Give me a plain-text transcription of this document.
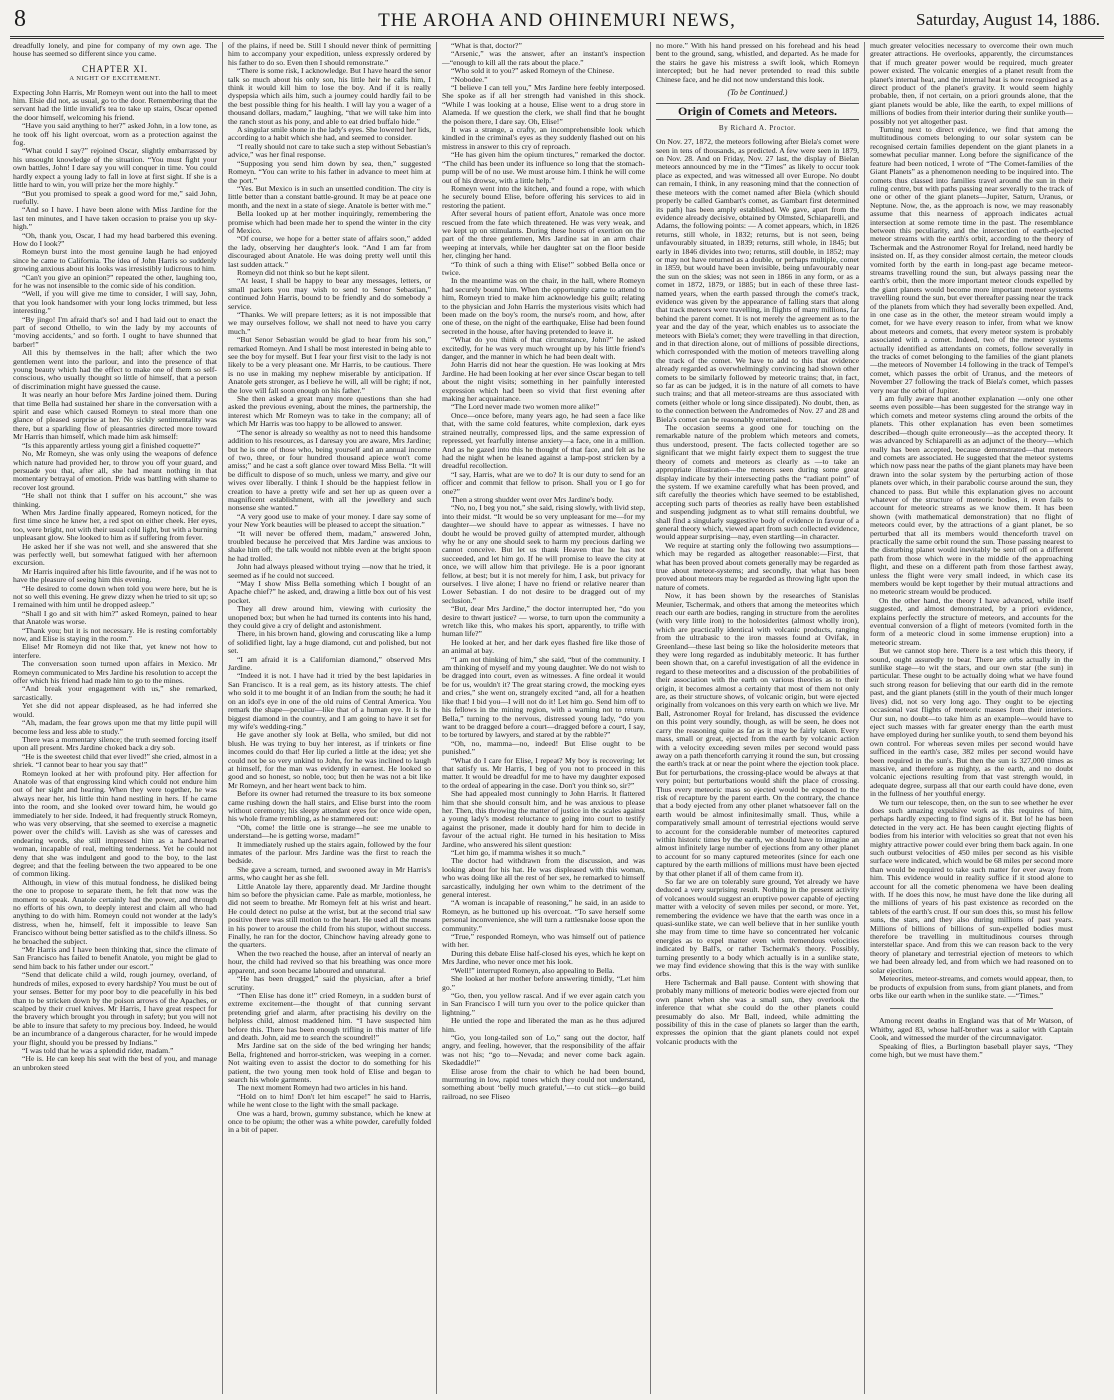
8	THE AROHA AND OHINEMURI NEWS,	Saturday, August 14, 1886.

dreadfully lonely, and pine for company of my own age. The house has seemed so different since you came.

CHAPTER XI.
A NIGHT OF EXCITEMENT.

Expecting John Harris, Mr Romeyn went out into the hall to meet him. Elsie did not, as usual, go to the door. Remembering that the servant had the little invalid's tea to take up stairs, Oscar opened the door himself, welcoming his friend.

“Have you said anything to her?” asked John, in a low tone, as he took off his light overcoat, worn as a protection against the fog.

“What could I say?” rejoined Oscar, slightly embarrassed by his unsought knowledge of the situation. “You must fight your own battles, John! I dare say you will conquer in time. You could hardly expect a young lady to fall in love at first sight. If she is a little hard to win, you will prize her the more highly.”

“But you promised to speak a good word for me,” said John, ruefully.

“And so I have. I have been alone with Miss Jardine for the last ten minutes, and I have taken occasion to praise you up sky-high.”

“Oh, thank you, Oscar, I had my head barbered this evening. How do I look?”

Romeyn burst into the most genuine laugh he had enjoyed since he came to California. The idea of John Harris so suddenly growing anxious about his looks was irresistibly ludicrous to him.

“Can't you give an opinion?” repeated the other, laughing too, for he was not insensible to the comic side of his condition.

“Well, if you will give me time to consider, I will say, John, that you look handsomer with your long locks trimmed, but less interesting.”

“By jingo! I'm afraid that's so! and I had laid out to enact the part of second Othello, to win the lady by my accounts of ‘moving accidents,’ and so forth. I ought to have shunned that barber!”

All this by themselves in the hall; after which the two gentlemen went into the parlour, and into the presence of that young beauty which had the effect to make one of them so self-conscious, who usually thought so little of himself, that a person of discrimination might have guessed the cause.

It was nearly an hour before Mrs Jardine joined them. During that time Bella had sustained her share in the conversation with a spirit and ease which caused Romeyn to steal more than one glance of pleased surprise at her. No sickly sentimentality was there, but a sparkling flow of pleasantries directed more toward Mr Harris than himself, which made him ask himself:

“Is this apparently artless young girl a finished coquette?”

No, Mr Romeyn, she was only using the weapons of defence which nature had provided her, to throw you off your guard, and persuade you that, after all, she had meant nothing in that momentary betrayal of emotion. Pride was battling with shame to recover lost ground.

“He shall not think that I suffer on his account,” she was thinking.

When Mrs Jardine finally appeared, Romeyn noticed, for the first time since he knew her, a red spot on either cheek. Her eyes, too, were bright, not with their usual cold light, but with a burning unpleasant glow. She looked to him as if suffering from fever.

He asked her if she was not well, and she answered that she was perfectly well, but somewhat fatigued with her afternoon excursion.

Mr Harris inquired after his little favourite, and if he was not to have the pleasure of seeing him this evening.

“He desired to come down when told you were here, but he is not so well this evening. He grew dizzy when he tried to sit up; so I remained with him until he dropped asleep.”

“Shall I go and sit with him?” asked Romeyn, pained to hear that Anatole was worse.

“Thank you; but it is not necessary. He is resting comfortably now, and Elise is staying in the room.”

Elise! Mr Romeyn did not like that, yet knew not how to interfere.

The conversation soon turned upon affairs in Mexico. Mr Romeyn communicated to Mrs Jardine his resolution to accept the offer which his friend had made him to go to the mines.

“And break your engagement with us,” she remarked, sarcastically.

Yet she did not appear displeased, as he had inferred she would.

“Ah, madam, the fear grows upon me that my little pupil will become less and less able to study.”

There was a momentary silence; the truth seemed forcing itself upon all present. Mrs Jardine choked back a dry sob.

“He is the sweetest child that ever lived!” she cried, almost in a shriek. “I cannot bear to hear you say that!”

Romeyn looked at her with profound pity. Her affection for Anatole was of that engrossing kind which could not endure him out of her sight and hearing. When they were together, he was always near her, his little thin hand nestling in hers. If he came into the room, and she looked over toward him, he would go immediately to her side. Indeed, it had frequently struck Romeyn, who was very observing, that she seemed to exercise a magnetic power over the child's will. Lavish as she was of caresses and endearing words, she still impressed him as a hard-hearted woman, incapable of real, melting tenderness. Yet he could not deny that she was indulgent and good to the boy, to the last degree; and that the feeling between the two appeared to be one of common liking.

Although, in view of this mutual fondness, he disliked being the one to propose to separate them, he felt that now was the moment to speak. Anatole certainly had the power, and through no efforts of his own, to deeply interest and claim all who had anything to do with him. Romeyn could not wonder at the lady's distress, when he, himself, felt it impossible to leave San Francisco without being better satisfied as to the child's illness. So he broached the subject.

“Mr Harris and I have been thinking that, since the climate of San Francisco has failed to benefit Anatole, you might be glad to send him back to his father under our escort.”

“Send that delicate child a wild, rough journey, overland, of hundreds of miles, exposed to every hardship? You must be out of your senses. Better for my poor boy to die peacefully in his bed than to be stricken down by the poison arrows of the Apaches, or scalped by their cruel knives. Mr Harris, I have great respect for the bravery which brought you through in safety; but you will not be able to insure that safety to my precious boy. Indeed, he would be an incumbrance of a dangerous character, for he would impede your flight, should you be pressed by Indians.”

“I was told that he was a splendid rider, madam.”

“He is. He can keep his seat with the best of you, and manage an unbroken steed

of the plains, if need be. Still I should never think of permitting him to accompany your expedition, unless expressly ordered by his father to do so. Even then I should remonstrate.”

“There is some risk, I acknowledge. But I have heard the senor talk so much about his only son, his little heir he calls him, I think it would kill him to lose the boy. And if it is really dyspepsia which ails him, such a journey could hardly fail to be the best possible thing for his health. I will lay you a wager of a thousand dollars, madam,” laughing, “that we will take him into the ranch stout as his pony, and able to eat dried buffalo hide.”

A singular smile shone in the lady's eyes. She lowered her lids, according to a habit which she had, and seemed to consider.

“I really should not care to take such a step without Sebastian's advice,” was her final response.

“Supposing you send him down by sea, then,” suggested Romeyn. “You can write to his father in advance to meet him at the port.”

“Yes. But Mexico is in such an unsettled condition. The city is little better than a constant battle-ground. It may be at peace one month, and the next in a state of siege. Anatole is better with me.”

Bella looked up at her mother inquiringly, remembering the promise which had been made her to spend the winter in the city of Mexico.

“Of course, we hope for a better state of affairs soon,” added the lady, observing her daughter's look. “And I am far from discouraged about Anatole. He was doing pretty well until this last sudden attack.”

Romeyn did not think so but he kept silent.

“At least, I shall be happy to bear any messages, letters, or small packets you may wish to send to Senor Sebastian,” continued John Harris, bound to be friendly and do somebody a service.

“Thanks. We will prepare letters; as it is not impossible that we may ourselves follow, we shall not need to have you carry much.”

“But Senor Sebastian would be glad to hear from his son,” remarked Romeyn. And I shall be most interested in being able to see the boy for myself. But I fear your first visit to the lady is not likely to be a very pleasant one. Mr Harris, to be cautious. There is no use in making my nephew miserable by anticipation. If Anatole gets stronger, as I believe he will, all will be right; if not, the love will fall soon enough on his father.”

She then asked a great many more questions than she had asked the previous evening, about the mines, the partnership, the interest which Mr Romeyn was to take in the company; all of which Mr Harris was too happy to be allowed to answer.

“The senor is already so wealthy as not to need this handsome addition to his resources, as I daresay you are aware, Mrs Jardine; but he is one of those who, being yourself and an annual income of two, three, or four hundred thousand apiece won't come amiss;” and he cast a soft glance over toward Miss Bella. “It will be difficult to dispose of so much, unless we marry, and give our wives over liberally. I think I should be the happiest fellow in creation to have a pretty wife and set her up as queen over a magnificent establishment, with all the jewellery and such nonsense she wanted.”

“A very good use to make of your money. I dare say some of your New York beauties will be pleased to accept the situation.”

“It will never be offered them, madam,” answered John, troubled because he perceived that Mrs Jardine was anxious to shake him off; the talk would not nibble even at the bright spoon he had trolled.

John had always pleased without trying —now that he tried, it seemed as if he could not succeed.

“May I show Miss Bella something which I bought of an Apache chief?” he asked, and, drawing a little box out of his vest pocket.

They all drew around him, viewing with curiosity the unopened box; but when he had turned its contents into his hand, they could give a cry of delight and astonishment.

There, in his brown hand, glowing and coruscating like a lump of solidified light, lay a huge diamond, cut and polished, but not set.

“I am afraid it is a Californian diamond,” observed Mrs Jardine.

“Indeed it is not. I have had it tried by the best lapidaries in San Francisco. It is a real gem, as its history attests. The chief who sold it to me bought it of an Indian from the south; he had it on an idol's eye in one of the old ruins of Central America. You remark the shape—peculiar—like that of a human eye. It is the biggest diamond in the country, and I am going to have it set for my wife's wedding-ring.”

He gave another sly look at Bella, who smiled, but did not blush. He was trying to buy her interest, as if trinkets or fine incomes could do that! Her lip curled a little at the idea; yet she could not be so very unkind to John, for he was inclined to laugh at himself, for the man was evidently in earnest. He looked so good and so honest, so noble, too; but then he was not a bit like Mr Romeyn, and her heart went back to him.

Before its owner had returned the treasure to its box someone came rushing down the hall stairs, and Elise burst into the room without ceremony; his sleepy attendant eyes for once wide open, his whole frame trembling, as he stammered out:

“Oh, come! the little one is strange—he see me unable to understand—he is getting worse, madam!”

It immediately rushed up the stairs again, followed by the four inmates of the parlour. Mrs Jardine was the first to reach the bedside.

She gave a scream, turned, and swooned away in Mr Harris's arms, who caught her as she fell.

Little Anatole lay there, apparently dead. Mr Jardine thought him so before the physician came. Pale as marble, motionless, he did not seem to breathe. Mr Romeyn felt at his wrist and heart. He could detect no pulse at the wrist, but at the second trial saw positive there was still motion to the heart. He used all the means in his power to arouse the child from his stupor, without success. Finally, he ran for the doctor, Chinchow having already gone to the quarters.

When the two reached the house, after an interval of nearly an hour, the child had revived so that his breathing was once more apparent, and soon became laboured and unnatural.

“He has been drugged,” said the physician, after a brief scrutiny.

“Then Elise has done it!” cried Romeyn, in a sudden burst of extreme excitement—the thought of that cunning servant pretending grief and alarm, after practising his devilry on the helpless child, almost maddened him. “I have suspected him before this. There has been enough trifling in this matter of life and death. John, aid me to search the scoundrel!”

Mrs Jardine sat on the side of the bed wringing her hands; Bella, frightened and horror-stricken, was weeping in a corner. Not waiting even to assist the doctor to do something for his patient, the two young men took hold of Elise and began to search his whole garments.

The next moment Romeyn had two articles in his hand.

“Hold on to him! Don't let him escape!” he said to Harris, while he went close to the light with the small package.

One was a hard, brown, gummy substance, which he knew at once to be opium; the other was a white powder, carefully folded in a bit of paper.

“What is that, doctor?”

“Arsenic,” was the answer, after an instant's inspection—“enough to kill all the rats about the place.”

“Who sold it to you?” asked Romeyn of the Chinese.

“Nobodee.”

“I believe I can tell you,” Mrs Jardine here feebly interposed. She spoke as if all her strength had vanished in this shock. “While I was looking at a house, Elise went to a drug store in Alameda. If we question the clerk, we shall find that he bought the poison there, I dare say. Oh, Elise!”

It was a strange, a crafty, an incomprehensible look which kindled in the criminal's eyes as they suddenly flashed out on his mistress in answer to this cry of reproach.

“He has given him the opium tinctures,” remarked the doctor. “The child has been under its influence so long that the stomach-pump will be of no use. We must arouse him. I think he will come out of his drowse, with a little help.”

Romeyn went into the kitchen, and found a rope, with which he securely bound Elise, before offering his services to aid in restoring the patient.

After several hours of patient effort, Anatole was once more rescued from the fate which threatened. He was very weak, and we kept up on stimulants. During these hours of exertion on the part of the three gentlemen, Mrs Jardine sat in an arm chair weeping at intervals, while her daughter sat on the floor beside her, clinging her hand.

“To think of such a thing with Elise!” sobbed Bella once or twice.

In the meantime was on the chair, in the hall, where Romeyn had securely bound him. When the opportunity came to attend to him, Romeyn tried to make him acknowledge his guilt; relating to the physician and John Harris the mysterious visits which had been made on the boy's room, the nurse's room, and how, after one of these, on the night of the earthquake, Elise had been found secreted in the house, after having pretended to leave it.

“What do you think of that circumstance, John?” he asked excitedly, for he was very much wrought up by his little friend's danger, and the manner in which he had been dealt with.

John Harris did not hear the question. He was looking at Mrs Jardine. He had been looking at her ever since Oscar began to tell about the night visits; something in her painfully interested expression which had been so vivid that first evening after making her acquaintance.

“The Lord never made two women more alike!”

Once—once before, many years ago, he had seen a face like that, with the same cold features, white complexion, dark eyes strained neutrally, compressed lips, and the same expression of repressed, yet fearfully intense anxiety—a face, one in a million. And as he gazed into this he thought of that face, and felt as he had the night when he leaned against a lamp-post stricken by a dreadful recollection.

“I say, Harris, what are we to do? It is our duty to send for an officer and commit that fellow to prison. Shall you or I go for one?”

Then a strong shudder went over Mrs Jardine's body.

“No, no, I beg you not,” she said, rising slowly, with livid step, into their midst. “It would be so very unpleasant for me—for my daughter—we should have to appear as witnesses. I have no doubt he would be proved guilty of attempted murder, although why he or any one should seek to harm my precious darling we cannot conceive. But let us thank Heaven that he has not succeeded, and let him go. If he will promise to leave the city at once, we will allow him that privilege. He is a poor ignorant fellow, at best; but it is not merely for him, I ask, but privacy for ourselves. I live alone; I have no friend or relative nearer than Lower Sebastian. I do not desire to be dragged out of my seclusion.”

“But, dear Mrs Jardine,” the doctor interrupted her, “do you desire to thwart justice? — worse, to turn upon the community a wretch like this, who makes his sport, apparently, to trifle with human life?”

He looked at her, and her dark eyes flashed fire like those of an animal at bay.

“I am not thinking of him,” she said, “but of the community. I am thinking of myself and my young daughter. We do not wish to be dragged into court, even as witnesses. A fine ordeal it would be for us, wouldn't it? The great staring crowd, the mocking eyes and cries,” she went on, strangely excited “and, all for a heathen like that! I bid you—I will not do it! Let him go. Send him off to his fellows in the mining region, with a warning not to return. Bella,” turning to the nervous, distressed young lady, “do you want to be dragged before a court—dragged before a court, I say, to be tortured by lawyers, and stared at by the rabble?”

“Oh, no, mamma—no, indeed! But Elise ought to be punished.”

“What do I care for Elise, I repeat? My boy is recovering; let that satisfy us. Mr Harris, I beg of you not to proceed in this matter. It would be dreadful for me to have my daughter exposed to the ordeal of appearing in the case. Don't you think so, sir?”

She had appealed most cunningly to John Harris. It flattered him that she should consult him, and he was anxious to please her. Then, this throwing the matter of justice in the scales against a young lady's modest reluctance to going into court to testify against the prisoner, made it doubly hard for him to decide in favour of the actual right. He turned in his hesitation to Miss Jardine, who answered his silent question:

“Let him go, if mamma wishes it so much.”

The doctor had withdrawn from the discussion, and was looking about for his hat. He was displeased with this woman, who was doing like all the rest of her sex, he remarked to himself sarcastically, indulging her own whim to the detriment of the general interest.

“A woman is incapable of reasoning,” he said, in an aside to Romeyn, as he buttoned up his overcoat. “To save herself some personal inconvenience, she will turn a rattlesnake loose upon the community.”

“True,” responded Romeyn, who was himself out of patience with her.

During this debate Elise half-closed his eyes, which he kept on Mrs Jardine, who never once met his look.

“Well!” interrupted Romeyn, also appealing to Bella.

She looked at her mother before answering timidly, “Let him go.”

“Go, then, you yellow rascal. And if we ever again catch you in San Francisco I will turn you over to the police quicker than lightning.”

He untied the rope and liberated the man as he thus adjured him.

“Go, you long-tailed son of Lo,” sang out the doctor, half angry, and feeling, however, that the responsibility of the affair was not his; “go to—Nevada; and never come back again. Skedaddle!”

Elise arose from the chair to which he had been bound, murmuring in low, rapid tones which they could not understand, something about ‘belly much grateful,’—to cut stick—go build railroad, no see Fliseo

no more.” With his hand pressed on his forehead and his head bent to the ground, sang, whistled, and departed. As he made for the stairs he gave his mistress a swift look, which Romeyn intercepted; but he had never pretended to read this subtle Chinese face, and he did not now understand this look.

(To be Continued.)
Origin of Comets and Meteors.
By Richard A. Proctor.

On Nov. 27, 1872, the meteors following after Biela's comet were seen in tens of thousands, as predicted. A few were seen in 1879, on Nov. 28. And on Friday, Nov. 27 last, the display of Bielan meteors announced by me in the “Times” as likely to occur took place as expected, and was witnessed all over Europe. No doubt can remain, I think, in any reasoning mind that the connection of these meteors with the comet named after Biela (which should properly be called Gambart's comet, as Gambart first determined its path) has been amply established. We gave, apart from the evidence already decisive, obtained by Olmsted, Schiaparelli, and Adams, the following points: — A comet appears, which, in 1826 returns, still whole, in 1832; returns, but is not seen, being unfavourably situated, in 1839; returns, still whole, in 1845; but early in 1846 divides into two; returns, still double, in 1852; may or may not have returned as a double, or perhaps multiple, comet in 1859, but would have been invisible, being unfavourably near the sun on the skies; was not seen in 1866 in any form, or as a comet in 1872, 1879, or 1885; but in each of these three last-named years, when the earth passed through the comet's track, evidence was given by the appearance of falling stars that along that track meteors were travelling, in flights of many millions, far behind the parent comet. It is not merely the agreement as to the year and the day of the year, which enables us to associate the meteors with Biela's comet; they were travelling in that direction, and in that direction alone, out of millions of possible directions, which corresponded with the motion of meteors travelling along the track of the comet. We have to add to this that evidence already regarded as overwhelmingly convincing had shown other comets to be similarly followed by meteoric trains; that, in fact, so far as can be judged, it is in the nature of all comets to have such trains; and that all meteor-streams are thus associated with comets (either whole or long since dissipated). No doubt, then, as to the connection between the Andromedes of Nov. 27 and 28 and Biela's comet can be reasonably entertained.

The occasion seems a good one for touching on the remarkable nature of the problem which meteors and comets, thus understood, present. The facts collected together are so significant that we might fairly expect them to suggest the true theory of comets and meteors as clearly as —to take an appropriate illustration—the meteors seen during some great display indicate by their intersecting paths the “radiant point” of the system. If we examine carefully what has been proved, and sift carefully the theories which have seemed to be established, accepting such parts of theories as really have been established and suspending judgment as to what still remains doubtful, we shall find a singularly suggestive body of evidence in favour of a general theory which, viewed apart from such collected evidence, would appear surprising—nay, even startling—in character.

We require at starting only the following two assumptions—which may be regarded as altogether reasonable:—First, that what has been proved about comets generally may be regarded as true about meteor-systems; and secondly, that what has been proved about meteors may be regarded as throwing light upon the nature of comets.

Now, it has been shown by the researches of Stanislas Meunier, Tschermak, and others that among the meteorites which reach our earth are bodies, ranging in structure from the aerolites (with very little iron) to the holosiderites (almost wholly iron), which are practically identical with volcanic products, ranging from the ultrabasic to the iron masses found at Ovifak, in Greenland—these last being so like the holosiderite meteors that they were long regarded as indubitably meteoric. It has further been shown that, on a careful investigation of all the evidence in regard to these meteorites and a discussion of the probabilities of their association with the earth on various theories as to their origin, it becomes almost a certainty that most of them not only are, as their structure shows, of volcanic origin, but were ejected originally from volcanoes on this very earth on which we live. Mr Ball, Astronomer Royal for Ireland, has discussed the evidence on this point very soundly, though, as will be seen, he does not carry the reasoning quite as far as it may be fairly taken. Every mass, small or great, ejected from the earth by volcanic action with a velocity exceeding seven miles per second would pass away on a path thenceforth carrying it round the sun, but crossing the earth's track at or near the point where the ejection took place. But for perturbations, the crossing-place would be always at that very point; but perturbations would shift the place of crossing. Thus every meteoric mass so ejected would be exposed to the risk of recapture by the parent earth. On the contrary, the chance that a body ejected from any other planet whatsoever fall on the earth would be almost infinitesimally small. Thus, while a comparatively small amount of terrestrial ejections would serve to account for the considerable number of meteorites captured within historic times by the earth, we should have to imagine an almost infinitely large number of ejections from any other planet to account for so many captured meteorites (since for each one captured by the earth millions of millions must have been ejected by that other planet if all of them came from it).

So far we are on tolerably sure ground, Yet already we have deduced a very surprising result. Nothing in the present activity of volcanoes would suggest an eruptive power capable of ejecting matter with a velocity of seven miles per second, or more. Yet, remembering the evidence we have that the earth was once in a quasi-sunlike state, we can well believe that in her sunlike youth she may from time to time have so concentrated her volcanic energies as to expel matter even with tremendous velocities indicated by Ball's, or rather Tschermak's theory. Possibly, turning presently to a body which actually is in a sunlike state, we may find evidence showing that this is the way with sunlike orbs.

Here Tschermak and Ball pause. Content with showing that probably many millions of meteoric bodies were ejected from our own planet when she was a small sun, they overlook the inference that what she could do the other planets could presumably do also. Mr Ball, indeed, while admitting the possibility of this in the case of planets so larger than the earth, expresses the opinion that the giant planets could not expel volcanic products with the

much greater velocities necessary to overcome their own much greater attractions. He overlooks, apparently, the circumstances that if much greater power would be required, much greater power existed. The volcanic energies of a planet result from the planet's internal heat, and the internal heat is now recognised as a direct product of the planet's gravity. It would seem highly probable, then, if not certain, on a priori grounds alone, that the giant planets would be able, like the earth, to expel millions of millions of bodies from their interior during their sunlike youth—possibly not yet altogether past.

Turning next to direct evidence, we find that among the multitudinous comets belonging to our solar system can be recognised certain families dependent on the giant planets in a somewhat peculiar manner. Long before the significance of the feature had been noticed, I wrote of “The Comet-families of the Giant Planets” as a phenomenon needing to be inquired into. The comets thus classed into families travel around the sun in their ruling centre, but with paths passing near severally to the track of one or other of the giant planets—Jupiter, Saturn, Uranus, or Neptune. Now, the, as the approach is now, we may reasonably assume that this nearness of approach indicates actual intersection at some remote time in the past. The resemblance between this peculiarity, and the intersection of earth-ejected meteor streams with the earth's orbit, according to the theory of Tschermak and the Astronomer Royal for Ireland, need hardly be insisted on. If, as they consider almost certain, the meteor clouds vomited forth by the earth in long-past age became meteor-streams travelling round the sun, but always passing near the earth's orbit, then the more important meteor clouds expelled by the giant planets would become more important meteor systems travelling round the sun, but ever thereafter passing near the track of the planets from which they had severally been expelled. And, in one case as in the other, the meteor stream would imply a comet, for we have every reason to infer, from what we know about meteors and comets, that every meteor system is probably associated with a comet. Indeed, two of the meteor systems actually identified as attendants on comets, follow severally in the tracks of comet belonging to the families of the giant planets—the meteors of November 14 following in the track of Tempel's comet, which passes the orbit of Uranus, and the meteors of November 27 following the track of Biela's comet, which passes very near the orbit of Jupiter.

I am fully aware that another explanation —only one other seems even possible—has been suggested for the strange way in which comets and meteor systems cling around the orbits of the planets. This other explanation has even been sometimes described—though quite erroneously—as the accepted theory. It was advanced by Schiaparelli as an adjunct of the theory—which really has been accepted, because demonstrated—that meteors and comets are associated. He suggested that the meteor systems which now pass near the paths of the giant planets may have been drawn into the solar system by the perturbing action of those planets over which, in their parabolic course around the sun, they chanced to pass. But while this explanation gives no account whatever of the structure of meteoric bodies, it even fails to account for meteoric streams as we know them. It has been shown (with mathematical demonstration) that no flight of meteors could ever, by the attractions of a giant planet, be so perturbed that all its members would thenceforth travel on practically the same orbit round the sun. Those passing nearest to the disturbing planet would inevitably be sent off on a different path from those which were in the middle of the approaching flight, and these on a different path from those farthest away, unless the flight were very small indeed, in which case its members would be kept together by their mutual attractions and no meteoric stream would be produced.

On the other hand, the theory I have advanced, while itself suggested, and almost demonstrated, by a priori evidence, explains perfectly the structure of meteors, and accounts for the eventual conversion of a flight of meteors (vomited forth in the form of a meteoric cloud in some immense eruption) into a meteoric stream.

But we cannot stop here. There is a test which this theory, if sound, ought assuredly to bear. There are orbs actually in the sunlike stage—to wit the stars, and our own star (the sun) in particular. These ought to be actually doing what we have found such strong reason for believing that our earth did in the remote past, and the giant planets (still in the youth of their much longer lives) did, not so very long ago. They ought to be ejecting occasional vast flights of meteoric masses from their interiors. Our sun, no doubt—to take him as an example—would have to eject such masses with far greater energy than the earth must have employed during her sunlike youth, to send them beyond his own control. For whereas seven miles per second would have sufficed in the earth's case, 382 miles per second would have been required in the sun's. But then the sun is 327,000 times as massive, and therefore as mighty, as the earth, and no doubt volcanic ejections resulting from that vast strength would, in adequate degree, surpass all that our earth could have done, even in the fullness of her youthful energy.

We turn our telescope, then, on the sun to see whether he ever does such amazing expulsive work as this requires of him, perhaps hardly expecting to find signs of it. But lo! he has been detected in the very act. He has been caught ejecting flights of bodies from his interior with velocities so great that not even his mighty attractive power could ever bring them back again. In one such outburst velocities of 450 miles per second as his visible surface were indicated, which would be 68 miles per second more than would be required to take such matter for ever away from him. This evidence would in reality suffice if it stood alone to account for all the cometic phenomena we have been dealing with. If he does this now, he must have done the like during all the millions of years of his past existence as recorded on the tablets of the earth's crust. If our sun does this, so must his fellow suns, the stars, and they also during millions of past years. Millions of billions of billions of sun-expelled bodies must therefore be travelling in multitudinous courses through interstellar space. And from this we can reason back to the very theory of planetary and terrestrial ejection of meteors to which we had been already led, and from which we had reasoned on to solar ejection.

Meteorites, meteor-streams, and comets would appear, then, to be products of expulsion from suns, from giant planets, and from orbs like our earth when in the sunlike state. —“Times.”

Among recent deaths in England was that of Mr Watson, of Whitby, aged 83, whose half-brother was a sailor with Captain Cook, and witnessed the murder of the circumnavigator.

Speaking of flies, a Burlington baseball player says, “They come high, but we must have them.”
